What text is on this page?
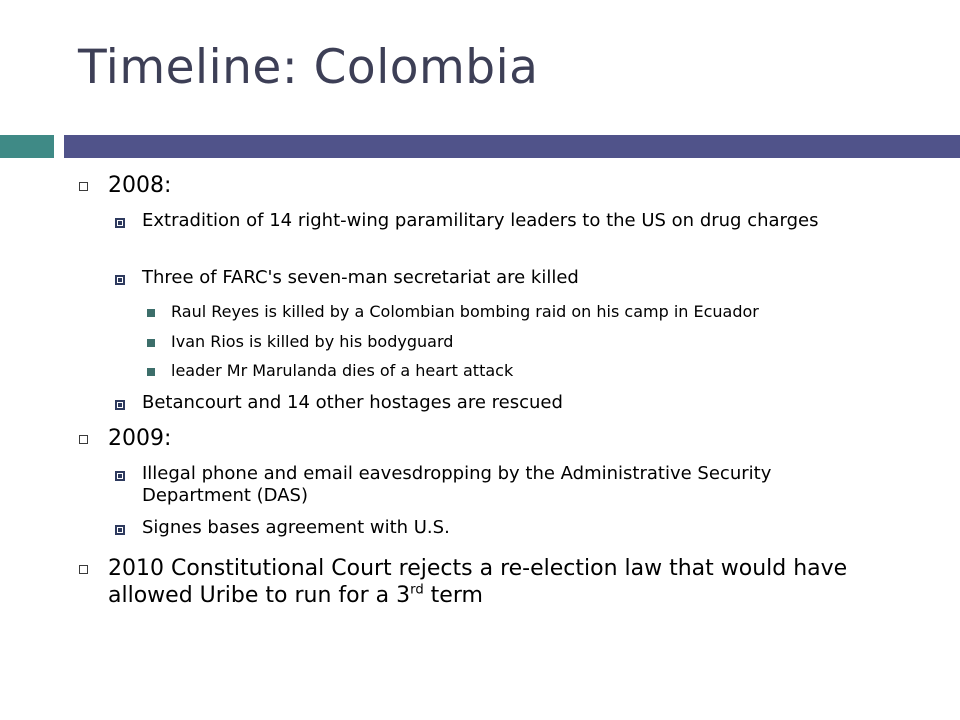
Timeline: Colombia
2008:
Extradition of 14 right-wing paramilitary leaders to the US on drug charges
Three of FARC's seven-man secretariat are killed
Raul Reyes is killed by a Colombian bombing raid on his camp in Ecuador
Ivan Rios is killed by his bodyguard
leader Mr Marulanda dies of a heart attack
Betancourt and 14 other hostages are rescued
2009:
Illegal phone and email eavesdropping by the Administrative Security Department (DAS)
Signes bases agreement with U.S.
2010 Constitutional Court rejects a re-election law that would have allowed Uribe to run for a 3rd term
